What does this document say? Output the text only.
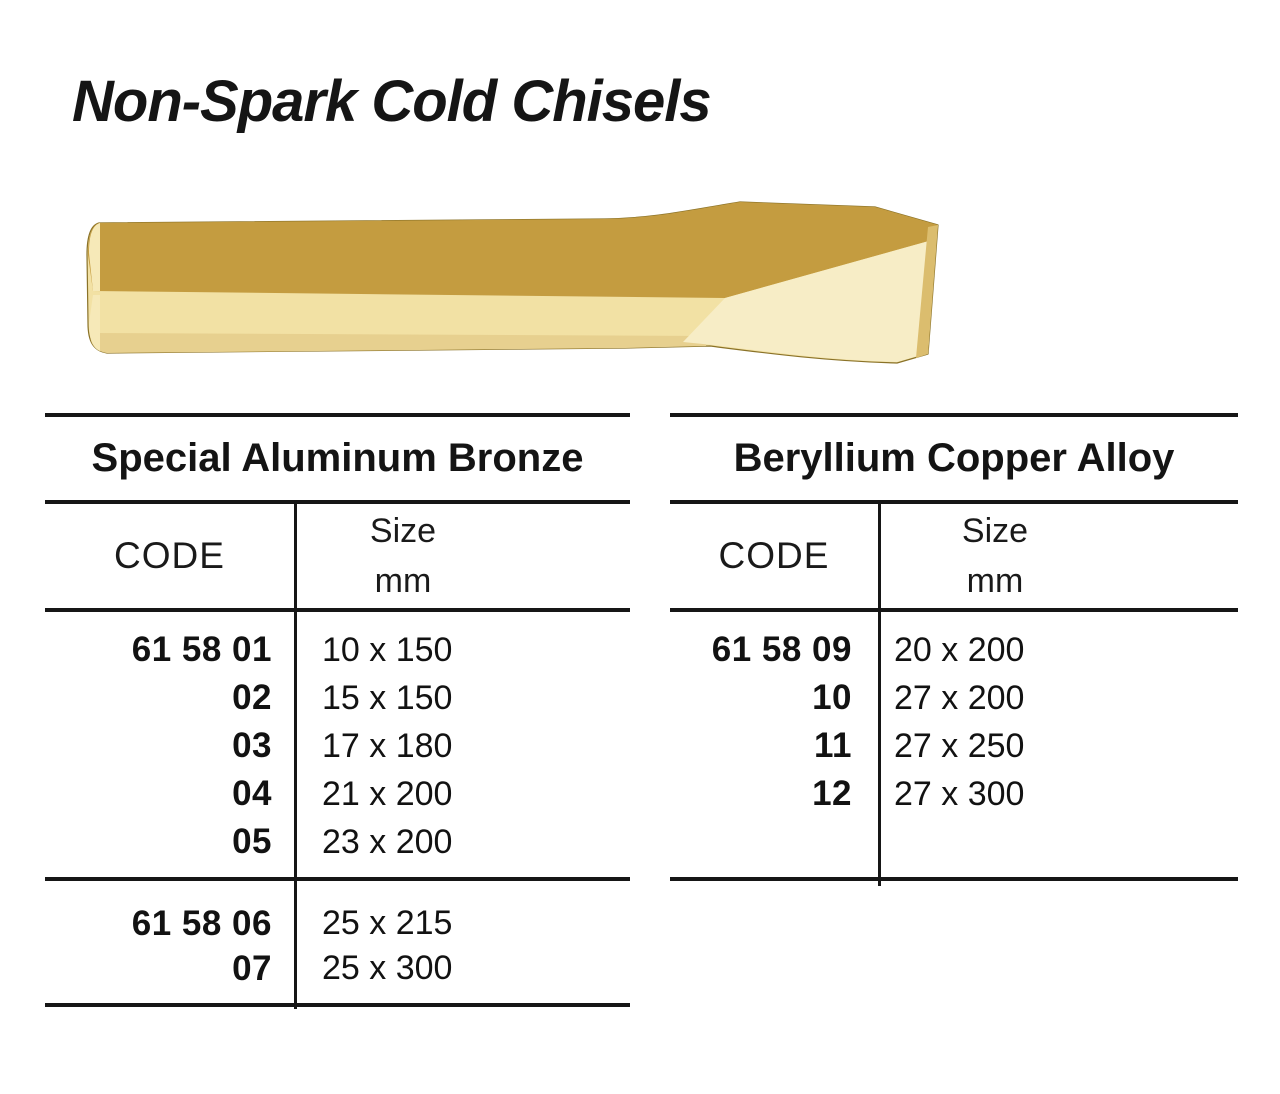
Non-Spark Cold Chisels
Special Aluminum Bronze
CODE
Size
mm
61 58 01	10 x 150
02	15 x 150
03	17 x 180
04	21 x 200
05	23 x 200
61 58 06	25 x 215
07	25 x 300
Beryllium Copper Alloy
CODE
Size
mm
61 58 09	20 x 200
10	27 x 200
11	27 x 250
12	27 x 300
